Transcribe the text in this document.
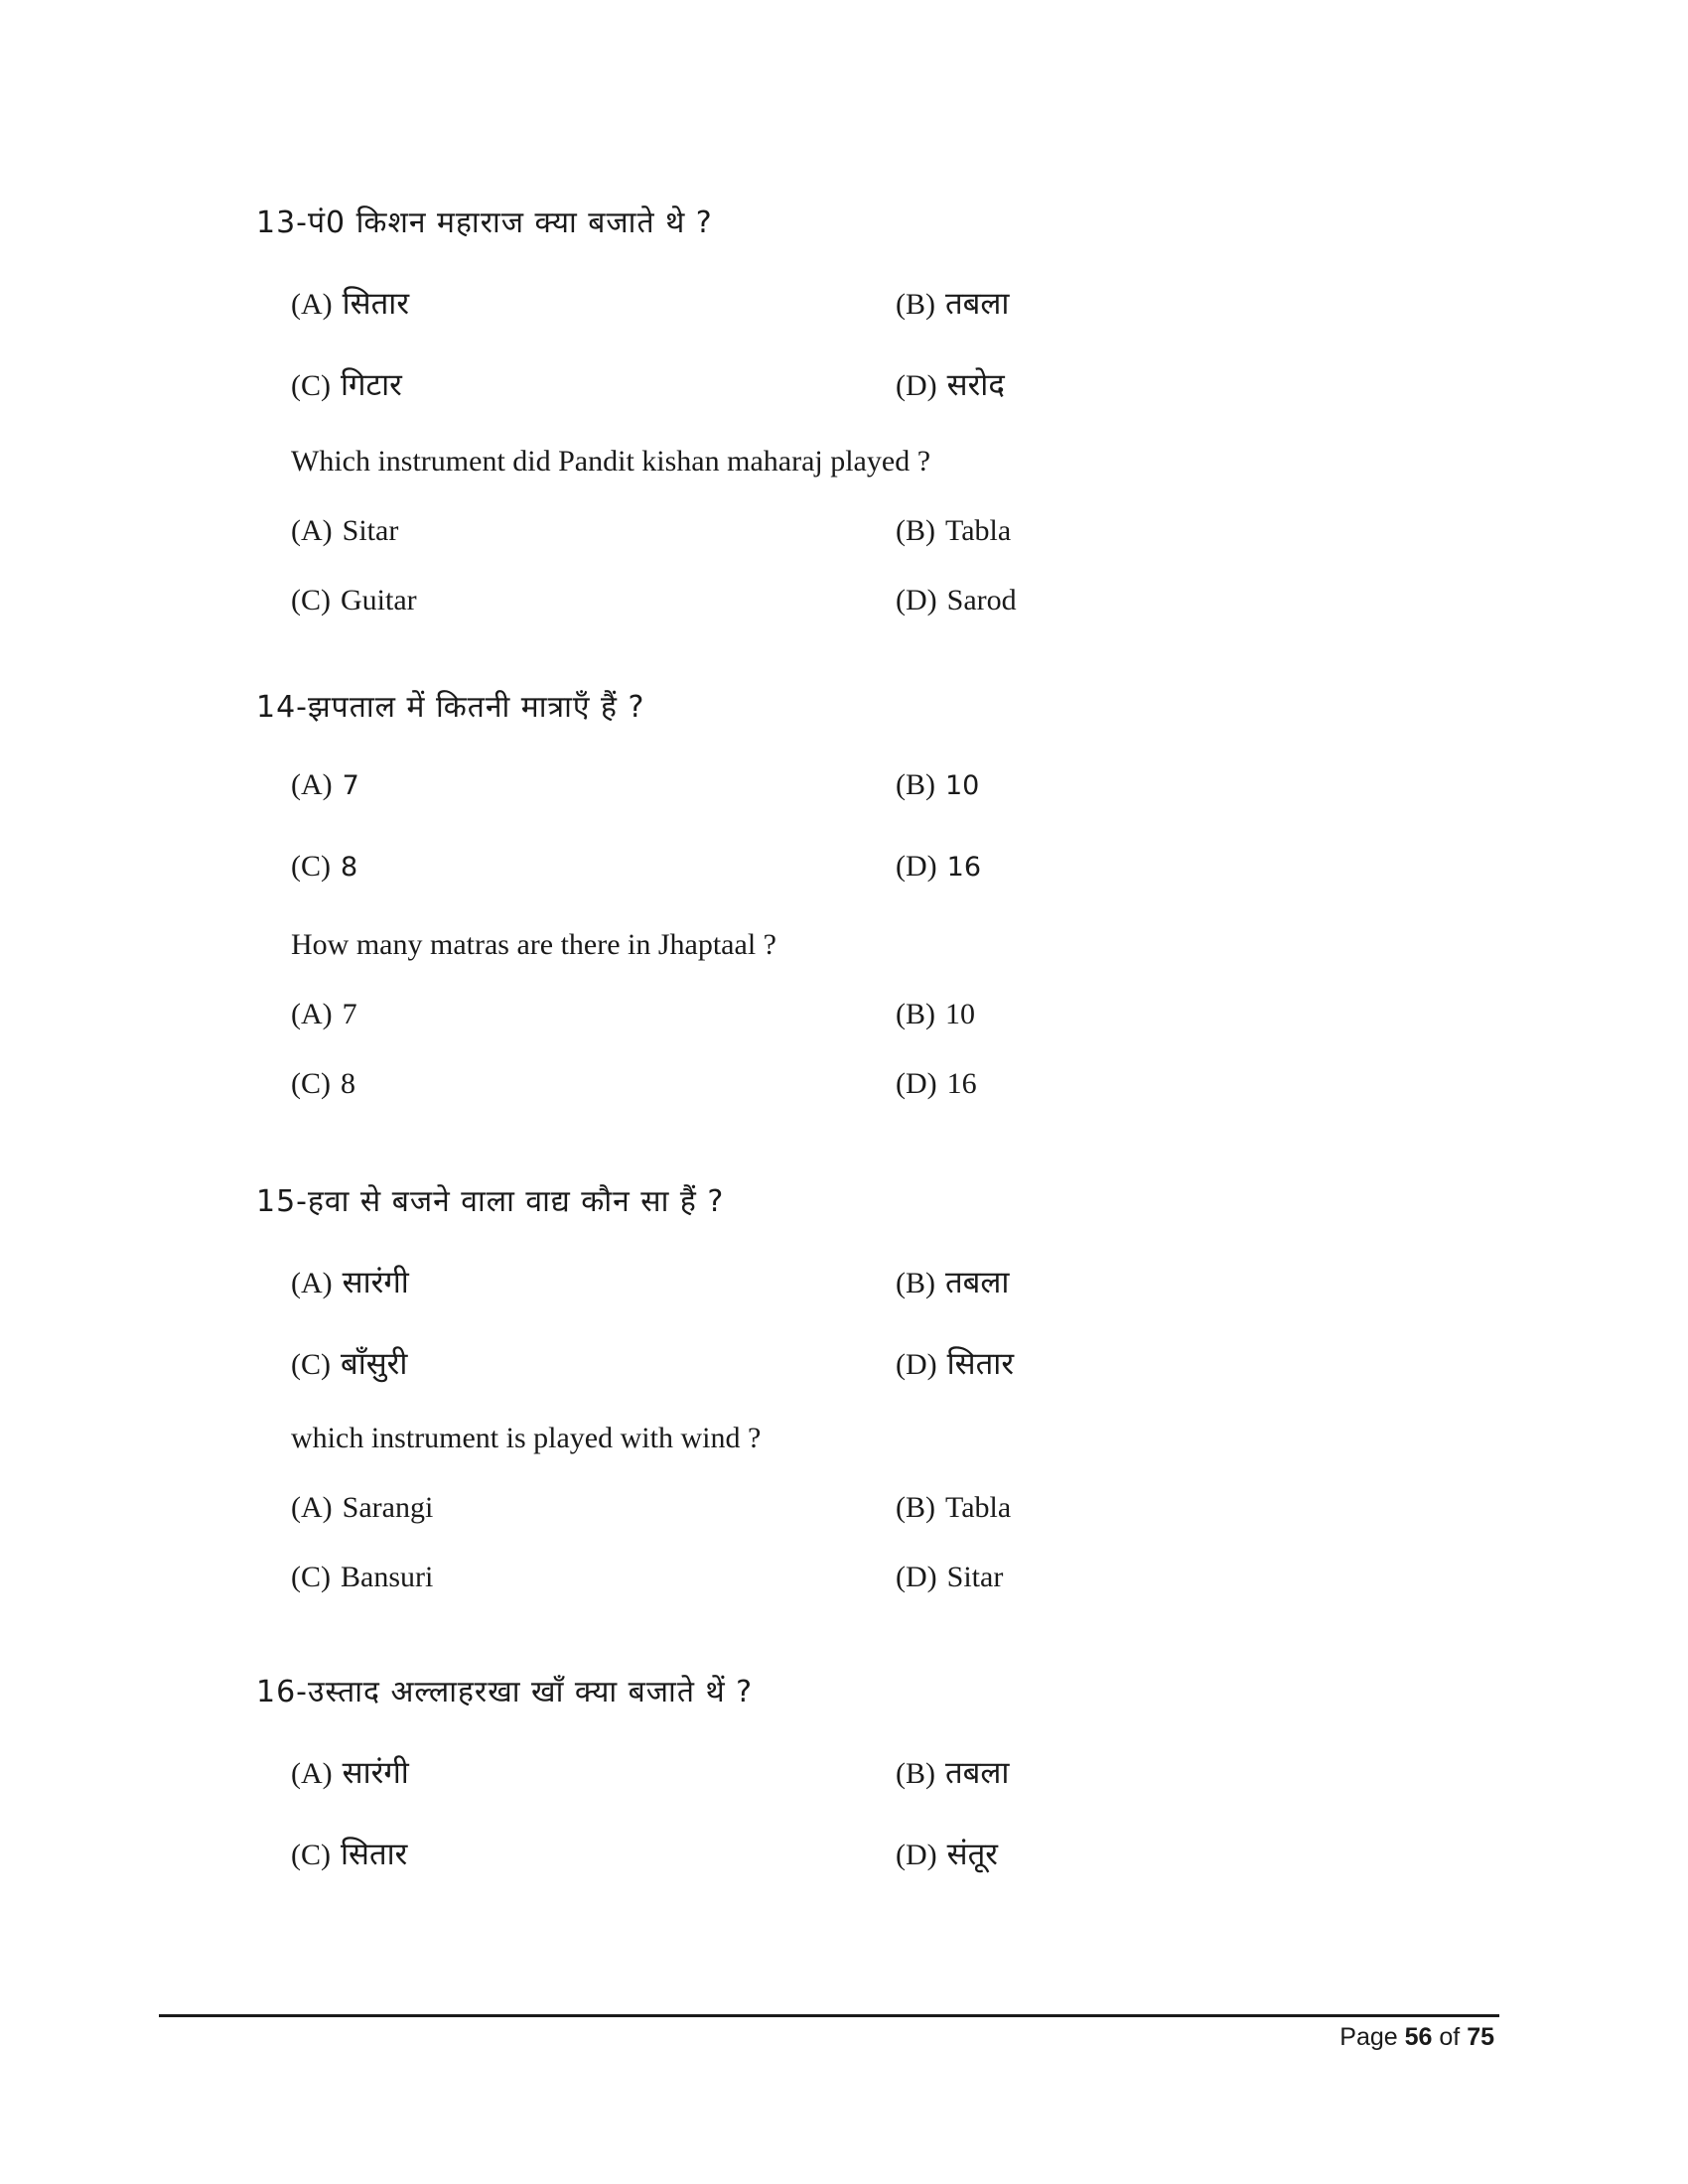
13-पं0 किशन महाराज क्या बजाते थे ?
(A) सितार	(B) तबला
(C) गिटार	(D) सरोद
Which instrument did Pandit kishan maharaj played ?
(A) Sitar	(B) Tabla
(C) Guitar	(D) Sarod
14-झपताल में कितनी मात्राएँ हैं ?
(A) 7	(B) 10
(C) 8	(D) 16
How many matras are there in Jhaptaal ?
(A) 7	(B) 10
(C) 8	(D) 16
15-हवा से बजने वाला वाद्य कौन सा हैं ?
(A) सारंगी	(B) तबला
(C) बाँसुरी	(D) सितार
which instrument is played with wind ?
(A) Sarangi	(B) Tabla
(C) Bansuri	(D) Sitar
16-उस्ताद अल्लाहरखा खाँ क्या बजाते थें ?
(A) सारंगी	(B) तबला
(C) सितार	(D) संतूर
Page 56 of 75
